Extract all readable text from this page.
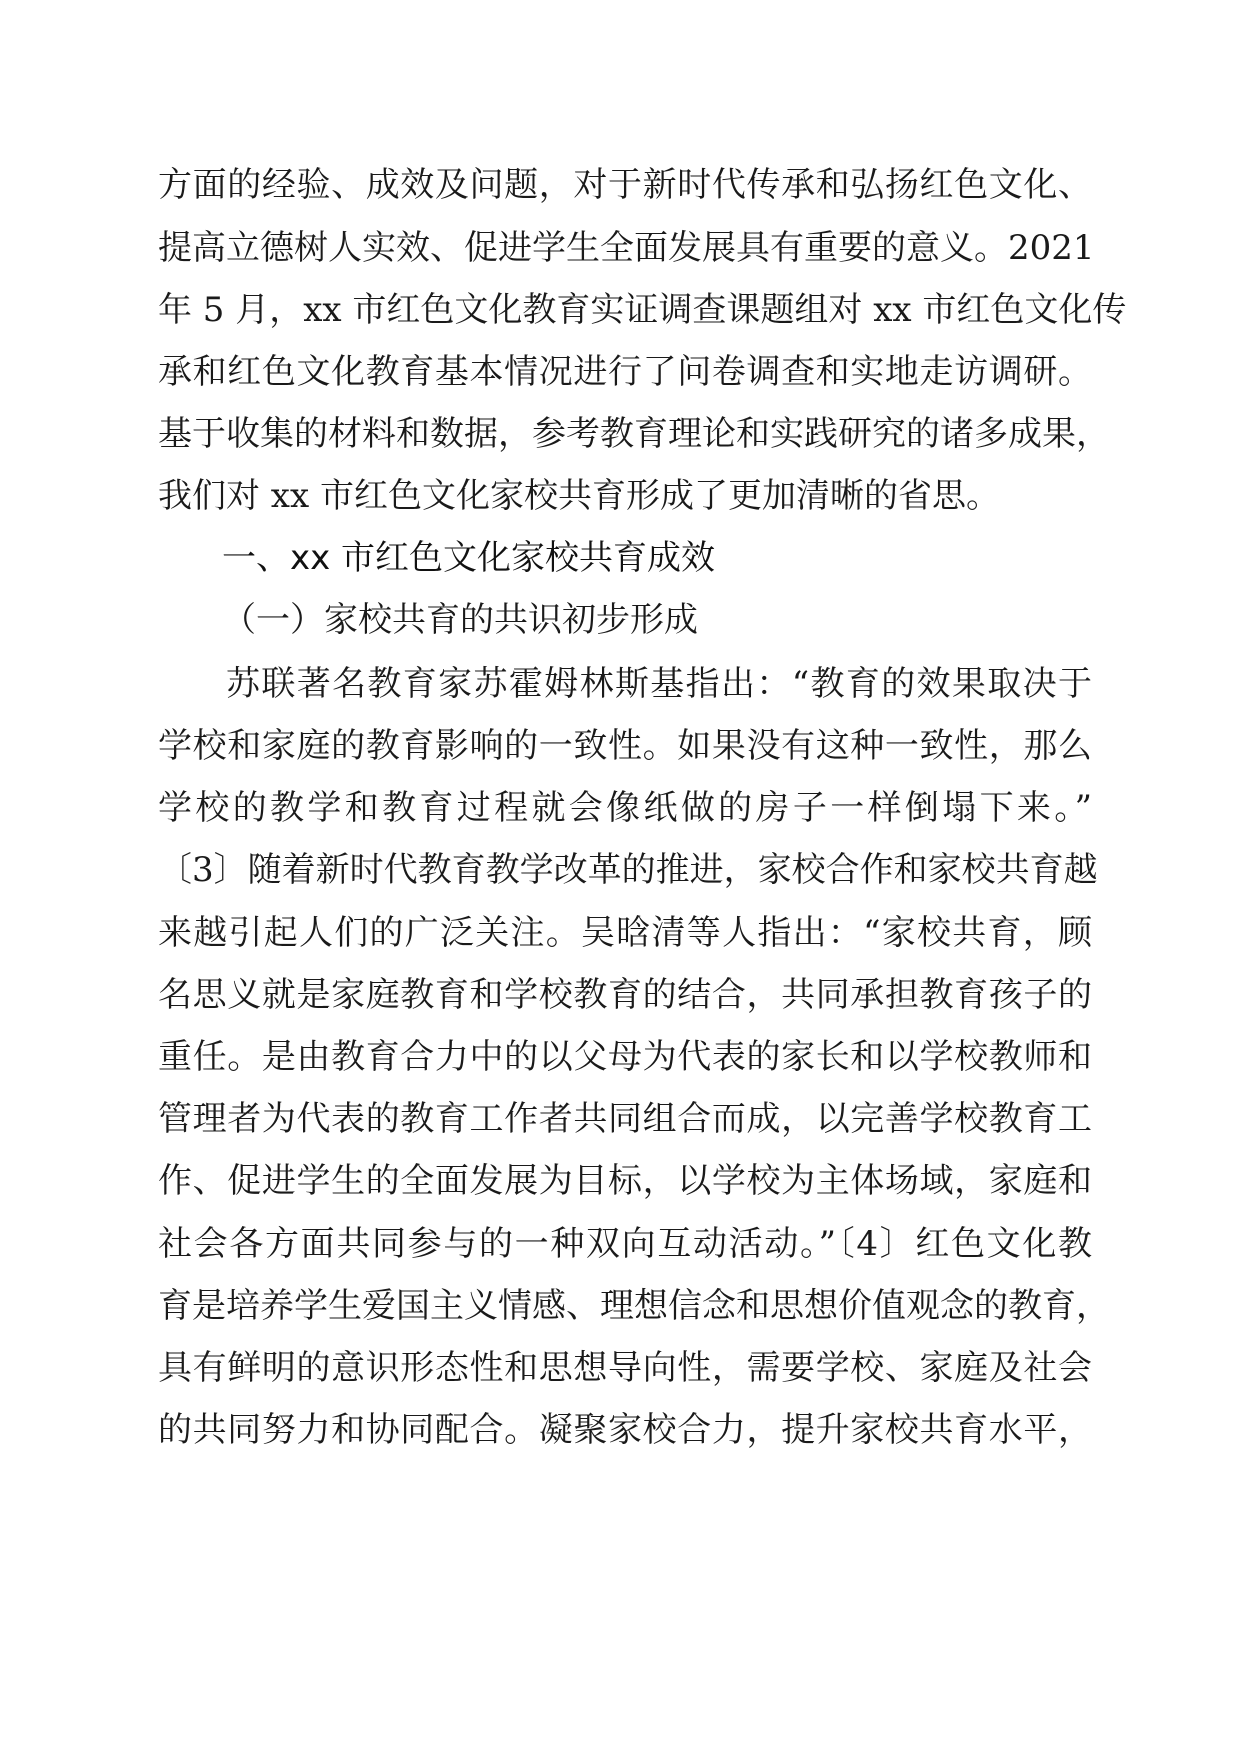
方面的经验、成效及问题，对于新时代传承和弘扬红色文化、
提高立德树人实效、促进学生全面发展具有重要的意义。2021
年 5 月，xx 市红色文化教育实证调查课题组对 xx 市红色文化传
承和红色文化教育基本情况进行了问卷调查和实地走访调研。
基于收集的材料和数据，参考教育理论和实践研究的诸多成果，
我们对 xx 市红色文化家校共育形成了更加清晰的省思。
苏联著名教育家苏霍姆林斯基指出：“教育的效果取决于
学校和家庭的教育影响的一致性。如果没有这种一致性，那么
学校的教学和教育过程就会像纸做的房子一样倒塌下来。”
〔3〕随着新时代教育教学改革的推进，家校合作和家校共育越
来越引起人们的广泛关注。吴晗清等人指出：“家校共育，顾
名思义就是家庭教育和学校教育的结合，共同承担教育孩子的
重任。是由教育合力中的以父母为代表的家长和以学校教师和
管理者为代表的教育工作者共同组合而成，以完善学校教育工
作、促进学生的全面发展为目标，以学校为主体场域，家庭和
社会各方面共同参与的一种双向互动活动。”〔4〕红色文化教
育是培养学生爱国主义情感、理想信念和思想价值观念的教育，
具有鲜明的意识形态性和思想导向性，需要学校、家庭及社会
的共同努力和协同配合。凝聚家校合力，提升家校共育水平，
一、xx 市红色文化家校共育成效
（一）家校共育的共识初步形成
